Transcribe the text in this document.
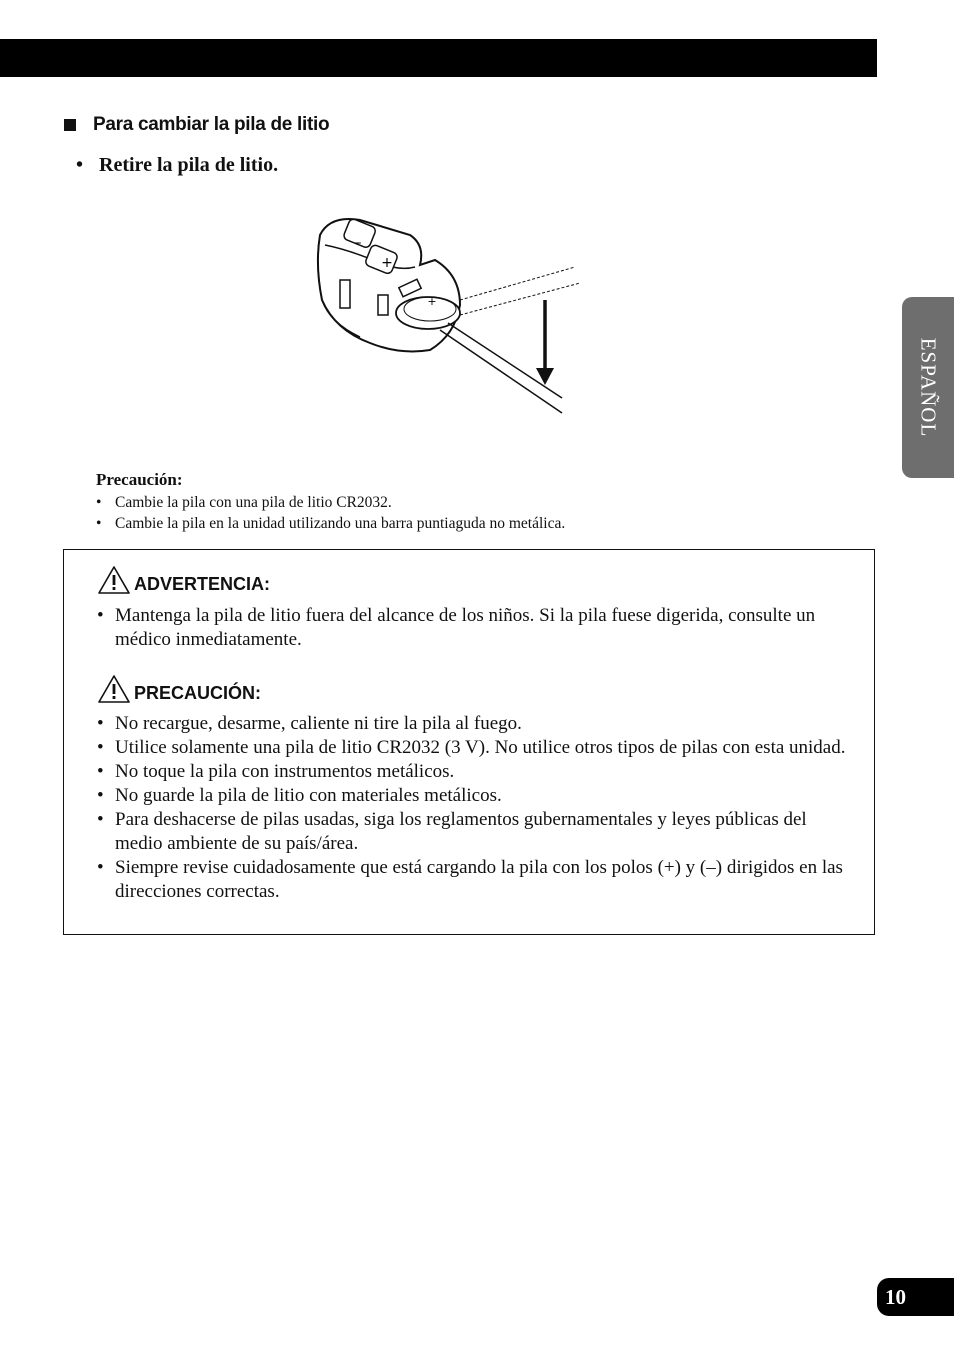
Para cambiar la pila de litio
• Retire la pila de litio.
–
+
+
Precaución:
• Cambie la pila con una pila de litio CR2032.
• Cambie la pila en la unidad utilizando una barra puntiaguda no metálica.
ADVERTENCIA:
• Mantenga la pila de litio fuera del alcance de los niños. Si la pila fuese digerida, consulte un médico inmediatamente.
PRECAUCIÓN:
• No recargue, desarme, caliente ni tire la pila al fuego.
• Utilice solamente una pila de litio CR2032 (3 V). No utilice otros tipos de pilas con esta unidad.
• No toque la pila con instrumentos metálicos.
• No guarde la pila de litio con materiales metálicos.
• Para deshacerse de pilas usadas, siga los reglamentos gubernamentales y leyes públicas del medio ambiente de su país/área.
• Siempre revise cuidadosamente que está cargando la pila con los polos (+) y (–) dirigidos en las direcciones correctas.
ESPAÑOL
10
